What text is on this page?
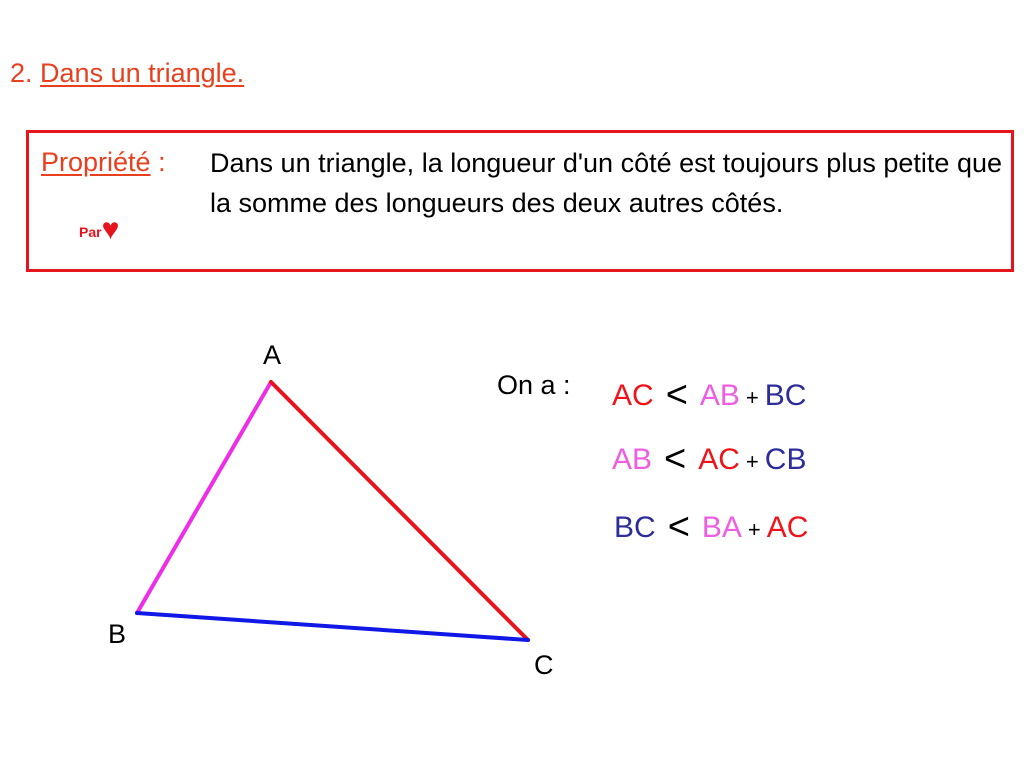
2. Dans un triangle.
Propriété : Dans un triangle, la longueur d'un côté est toujours plus petite que la somme des longueurs des deux autres côtés.
Par♥
A
B
C
On a : AC < AB + BC
AB < AC + CB
BC < BA + AC
